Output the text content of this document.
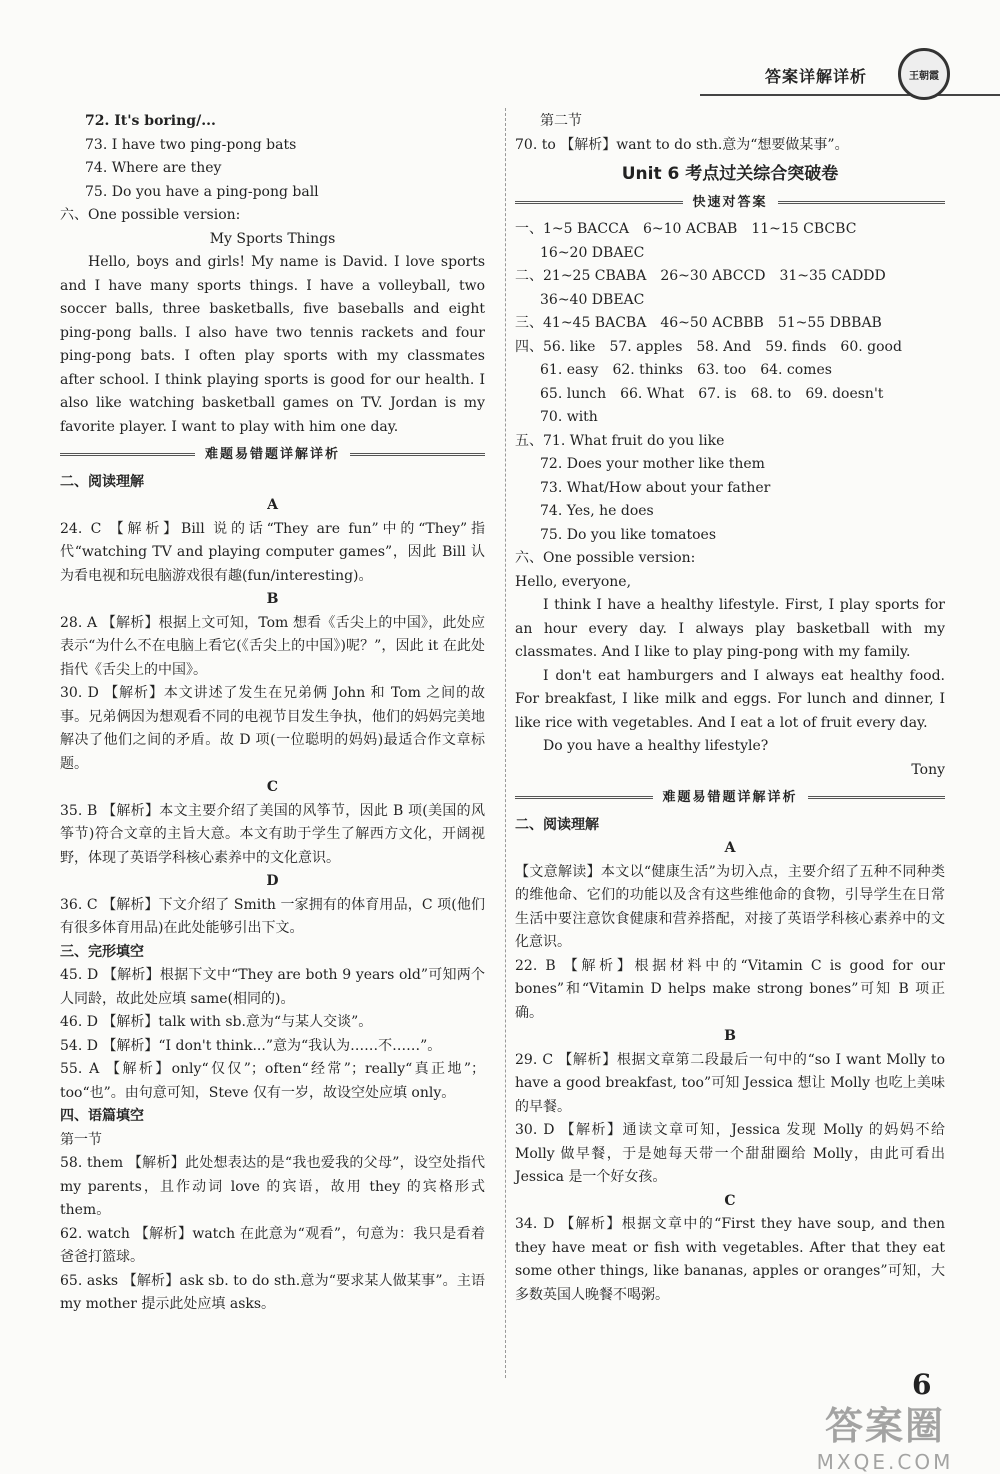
答案详解详析	王朝霞
72. It's boring/...
73. I have two ping-pong bats
74. Where are they
75. Do you have a ping-pong ball
六、One possible version:
My Sports Things
Hello, boys and girls! My name is David. I love sports and I have many sports things. I have a volleyball, two soccer balls, three basketballs, five baseballs and eight ping-pong balls. I also have two tennis rackets and four ping-pong bats. I often play sports with my classmates after school. I think playing sports is good for our health. I also like watching basketball games on TV. Jordan is my favorite player. I want to play with him one day.
难题易错题详解详析
二、阅读理解
A
24. C 【解析】Bill 说的话“They are fun”中的“They”指代“watching TV and playing computer games”，因此 Bill 认为看电视和玩电脑游戏很有趣(fun/interesting)。
B
28. A 【解析】根据上文可知，Tom 想看《舌尖上的中国》，此处应表示“为什么不在电脑上看它(《舌尖上的中国》)呢？”，因此 it 在此处指代《舌尖上的中国》。
30. D 【解析】本文讲述了发生在兄弟俩 John 和 Tom 之间的故事。兄弟俩因为想观看不同的电视节目发生争执，他们的妈妈完美地解决了他们之间的矛盾。故 D 项(一位聪明的妈妈)最适合作文章标题。
C
35. B 【解析】本文主要介绍了美国的风筝节，因此 B 项(美国的风筝节)符合文章的主旨大意。本文有助于学生了解西方文化，开阔视野，体现了英语学科核心素养中的文化意识。
D
36. C 【解析】下文介绍了 Smith 一家拥有的体育用品，C 项(他们有很多体育用品)在此处能够引出下文。
三、完形填空
45. D 【解析】根据下文中“They are both 9 years old”可知两个人同龄，故此处应填 same(相同的)。
46. D 【解析】talk with sb.意为“与某人交谈”。
54. D 【解析】“I don't think...”意为“我认为……不……”。
55. A 【解析】only“仅仅”；often“经常”；really“真正地”；too“也”。由句意可知，Steve 仅有一岁，故设空处应填 only。
四、语篇填空
第一节
58. them 【解析】此处想表达的是“我也爱我的父母”，设空处指代 my parents，且作动词 love 的宾语，故用 they 的宾格形式 them。
62. watch 【解析】watch 在此意为“观看”，句意为：我只是看着爸爸打篮球。
65. asks 【解析】ask sb. to do sth.意为“要求某人做某事”。主语 my mother 提示此处应填 asks。
第二节
70. to 【解析】want to do sth.意为“想要做某事”。
Unit 6 考点过关综合突破卷
快速对答案
一、1~5 BACCA 6~10 ACBAB 11~15 CBCBC
16~20 DBAEC
二、21~25 CBABA 26~30 ABCCD 31~35 CADDD
36~40 DBEAC
三、41~45 BACBA 46~50 ACBBB 51~55 DBBAB
四、56. like 57. apples 58. And 59. finds 60. good
61. easy 62. thinks 63. too 64. comes
65. lunch 66. What 67. is 68. to 69. doesn't
70. with
五、71. What fruit do you like
72. Does your mother like them
73. What/How about your father
74. Yes, he does
75. Do you like tomatoes
六、One possible version:
Hello, everyone,
I think I have a healthy lifestyle. First, I play sports for an hour every day. I always play basketball with my classmates. And I like to play ping-pong with my family.
I don't eat hamburgers and I always eat healthy food. For breakfast, I like milk and eggs. For lunch and dinner, I like rice with vegetables. And I eat a lot of fruit every day.
Do you have a healthy lifestyle?
Tony
难题易错题详解详析
二、阅读理解
A
【文意解读】本文以“健康生活”为切入点，主要介绍了五种不同种类的维他命、它们的功能以及含有这些维他命的食物，引导学生在日常生活中要注意饮食健康和营养搭配，对接了英语学科核心素养中的文化意识。
22. B 【解析】根据材料中的“Vitamin C is good for our bones”和“Vitamin D helps make strong bones”可知 B 项正确。
B
29. C 【解析】根据文章第二段最后一句中的“so I want Molly to have a good breakfast, too”可知 Jessica 想让 Molly 也吃上美味的早餐。
30. D 【解析】通读文章可知，Jessica 发现 Molly 的妈妈不给 Molly 做早餐，于是她每天带一个甜甜圈给 Molly，由此可看出 Jessica 是一个好女孩。
C
34. D 【解析】根据文章中的“First they have soup, and then they have meat or fish with vegetables. After that they eat some other things, like bananas, apples or oranges”可知，大多数英国人晚餐不喝粥。
6
答案圈
MXQE.COM
